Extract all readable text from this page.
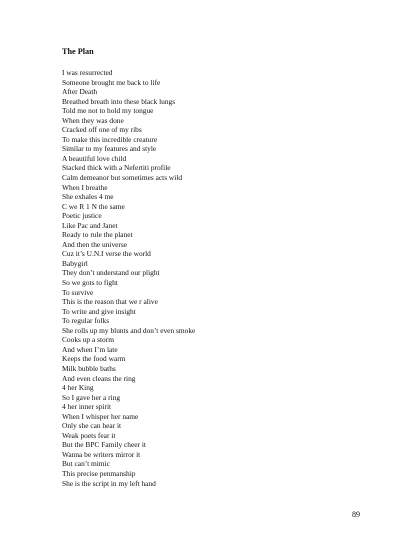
The Plan
I was resurrected
Someone brought me back to life
After Death
Breathed breath into these black lungs
Told me not to hold my tongue
When they was done
Cracked off one of my ribs
To make this incredible creature
Similar to my features and style
A beautiful love child
Stacked thick with a Nefertiti profile
Calm demeanor but sometimes acts wild
When I breathe
She exhales 4 me
C we R 1 N the same
Poetic justice
Like Pac and Janet
Ready to rule the planet
And then the universe
Cuz it’s U.N.I verse the world
Babygirl
They don’t understand our plight
So we gots to fight
To survive
This is the reason that we r alive
To write and give insight
To regular folks
She rolls up my blunts and don’t even smoke
Cooks up a storm
And when I’m late
Keeps the food warm
Milk bubble baths
And even cleans the ring
4 her King
So I gave her a ring
4 her inner spirit
When I whisper her name
Only she can hear it
Weak poets fear it
But the BPC Family cheer it
Wanna be writers mirror it
But can’t mimic
This precise penmanship
She is the script in my left hand
89
